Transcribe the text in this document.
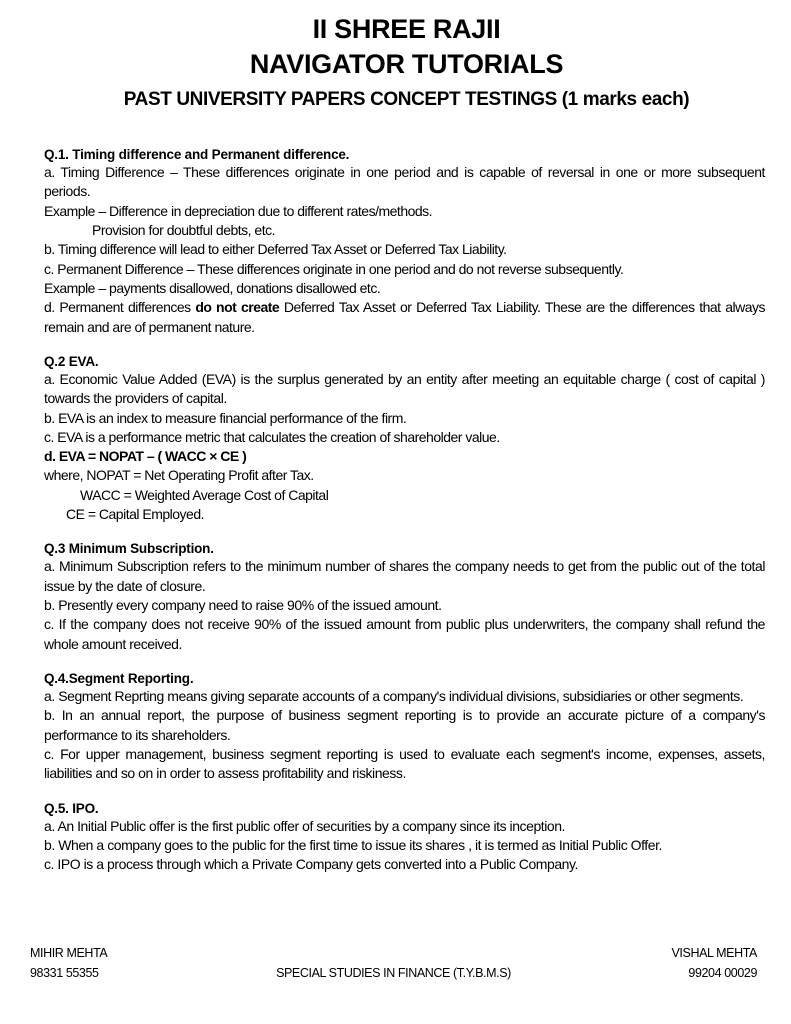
II SHREE RAJII
NAVIGATOR TUTORIALS
PAST UNIVERSITY PAPERS CONCEPT TESTINGS (1 marks each)
Q.1. Timing difference and Permanent difference.
a. Timing Difference – These differences originate in one period and is capable of reversal in one or more subsequent periods.
Example – Difference in depreciation due to different rates/methods.
Provision for doubtful debts, etc.
b. Timing difference will lead to either Deferred Tax Asset or Deferred Tax Liability.
c. Permanent Difference – These differences originate in one period and do not reverse subsequently.
Example – payments disallowed, donations disallowed etc.
d. Permanent differences do not create Deferred Tax Asset or Deferred Tax Liability. These are the differences that always remain and are of permanent nature.
Q.2 EVA.
a. Economic Value Added (EVA) is the surplus generated by an entity after meeting an equitable charge ( cost of capital ) towards the providers of capital.
b. EVA is an index to measure financial performance of the firm.
c. EVA is a performance metric that calculates the creation of shareholder value.
d. EVA = NOPAT – ( WACC × CE )
where, NOPAT = Net Operating Profit after Tax.
WACC = Weighted Average Cost of Capital
CE = Capital Employed.
Q.3 Minimum Subscription.
a. Minimum Subscription refers to the minimum number of shares the company needs to get from the public out of the total issue by the date of closure.
b. Presently every company need to raise 90% of the issued amount.
c. If the company does not receive 90% of the issued amount from public plus underwriters, the company shall refund the whole amount received.
Q.4.Segment Reporting.
a. Segment Reprting means giving separate accounts of a company's individual divisions, subsidiaries or other segments.
b. In an annual report, the purpose of business segment reporting is to provide an accurate picture of a company's performance to its shareholders.
c. For upper management, business segment reporting is used to evaluate each segment's income, expenses, assets, liabilities and so on in order to assess profitability and riskiness.
Q.5. IPO.
a. An Initial Public offer is the first public offer of securities by a company since its inception.
b. When a company goes to the public for the first time to issue its shares , it is termed as Initial Public Offer.
c. IPO is a process through which a Private Company gets converted into a Public Company.
MIHIR MEHTA	VISHAL MEHTA
98331 55355	SPECIAL STUDIES IN FINANCE (T.Y.B.M.S)	99204 00029
